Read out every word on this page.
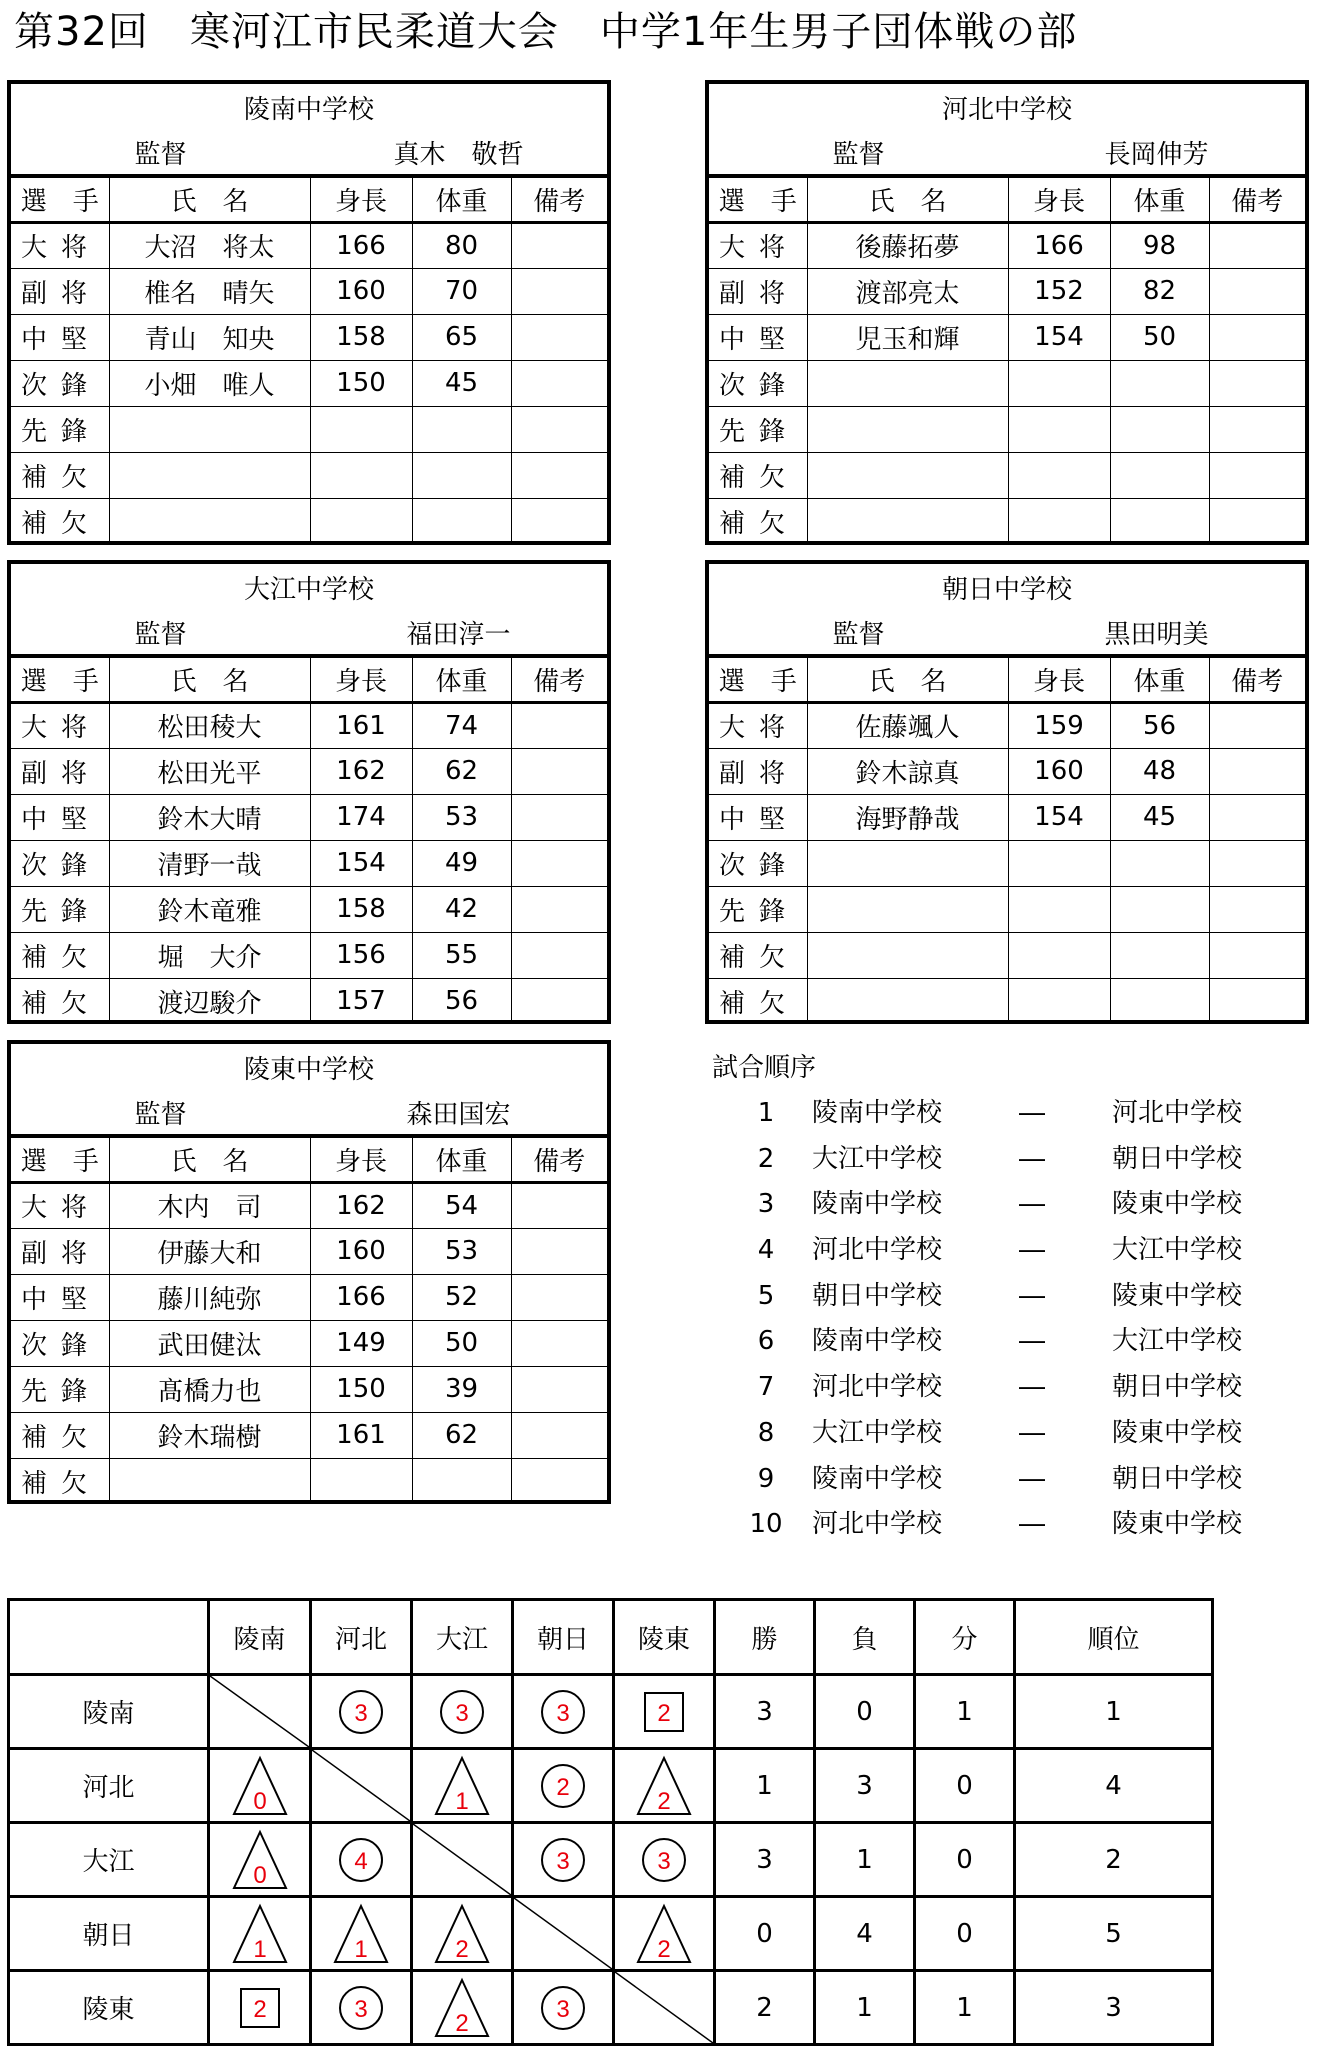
第32回　寒河江市民柔道大会　中学1年生男子団体戦の部
陵南中学校				
監督		真木　敬哲		
選　手	氏　名	身長	体重	備考
大将	大沼　将太	166	80	
副将	椎名　晴矢	160	70	
中堅	青山　知央	158	65	
次鋒	小畑　唯人	150	45	
先鋒				
補欠				
補欠				
河北中学校				
監督		長岡伸芳		
選　手	氏　名	身長	体重	備考
大将	後藤拓夢	166	98	
副将	渡部亮太	152	82	
中堅	児玉和輝	154	50	
次鋒				
先鋒				
補欠				
補欠				
大江中学校				
監督		福田淳一		
選　手	氏　名	身長	体重	備考
大将	松田稜大	161	74	
副将	松田光平	162	62	
中堅	鈴木大晴	174	53	
次鋒	清野一哉	154	49	
先鋒	鈴木竜雅	158	42	
補欠	堀　大介	156	55	
補欠	渡辺駿介	157	56	
朝日中学校				
監督		黒田明美		
選　手	氏　名	身長	体重	備考
大将	佐藤颯人	159	56	
副将	鈴木諒真	160	48	
中堅	海野静哉	154	45	
次鋒				
先鋒				
補欠				
補欠				
陵東中学校				
監督		森田国宏		
選　手	氏　名	身長	体重	備考
大将	木内　司	162	54	
副将	伊藤大和	160	53	
中堅	藤川純弥	166	52	
次鋒	武田健汰	149	50	
先鋒	髙橋力也	150	39	
補欠	鈴木瑞樹	161	62	
補欠				
試合順序
1	陵南中学校	―	河北中学校
2	大江中学校	―	朝日中学校
3	陵南中学校	―	陵東中学校
4	河北中学校	―	大江中学校
5	朝日中学校	―	陵東中学校
6	陵南中学校	―	大江中学校
7	河北中学校	―	朝日中学校
8	大江中学校	―	陵東中学校
9	陵南中学校	―	朝日中学校
10 河北中学校	―	陵東中学校
	陵南	河北	大江	朝日	陵東	勝	負	分	順位
陵南		3	3	3	2	3	0	1	1
河北	0		1	2	2	1	3	0	4
大江	0	4		3	3	3	1	0	2
朝日	1	1	2		2	0	4	0	5
陵東	2	3	2	3		2	1	1	3
